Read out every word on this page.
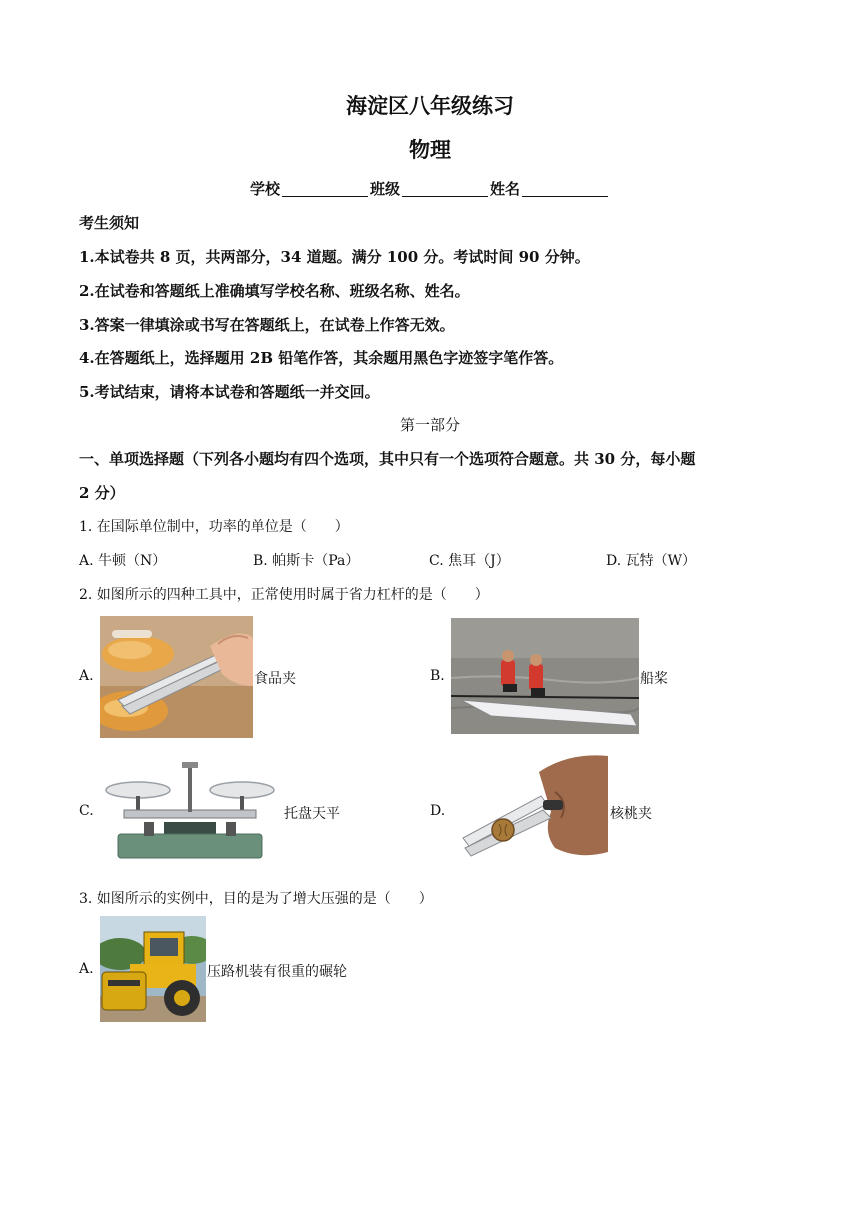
海淀区八年级练习
物理
学校	班级	姓名
考生须知
1.本试卷共 8 页，共两部分，34 道题。满分 100 分。考试时间 90 分钟。
2.在试卷和答题纸上准确填写学校名称、班级名称、姓名。
3.答案一律填涂或书写在答题纸上，在试卷上作答无效。
4.在答题纸上，选择题用 2B 铅笔作答，其余题用黑色字迹签字笔作答。
5.考试结束，请将本试卷和答题纸一并交回。
第一部分
一、单项选择题（下列各小题均有四个选项，其中只有一个选项符合题意。共 30 分，每小题
2 分）
1. 在国际单位制中，功率的单位是（　　）
A. 牛顿（N）	B. 帕斯卡（Pa）	C. 焦耳（J）	D. 瓦特（W）
2. 如图所示的四种工具中，正常使用时属于省力杠杆的是（　　）
A.	食品夹	B.	船桨
C.	托盘天平	D.	核桃夹
3. 如图所示的实例中，目的是为了增大压强的是（　　）
A.	压路机装有很重的碾轮
